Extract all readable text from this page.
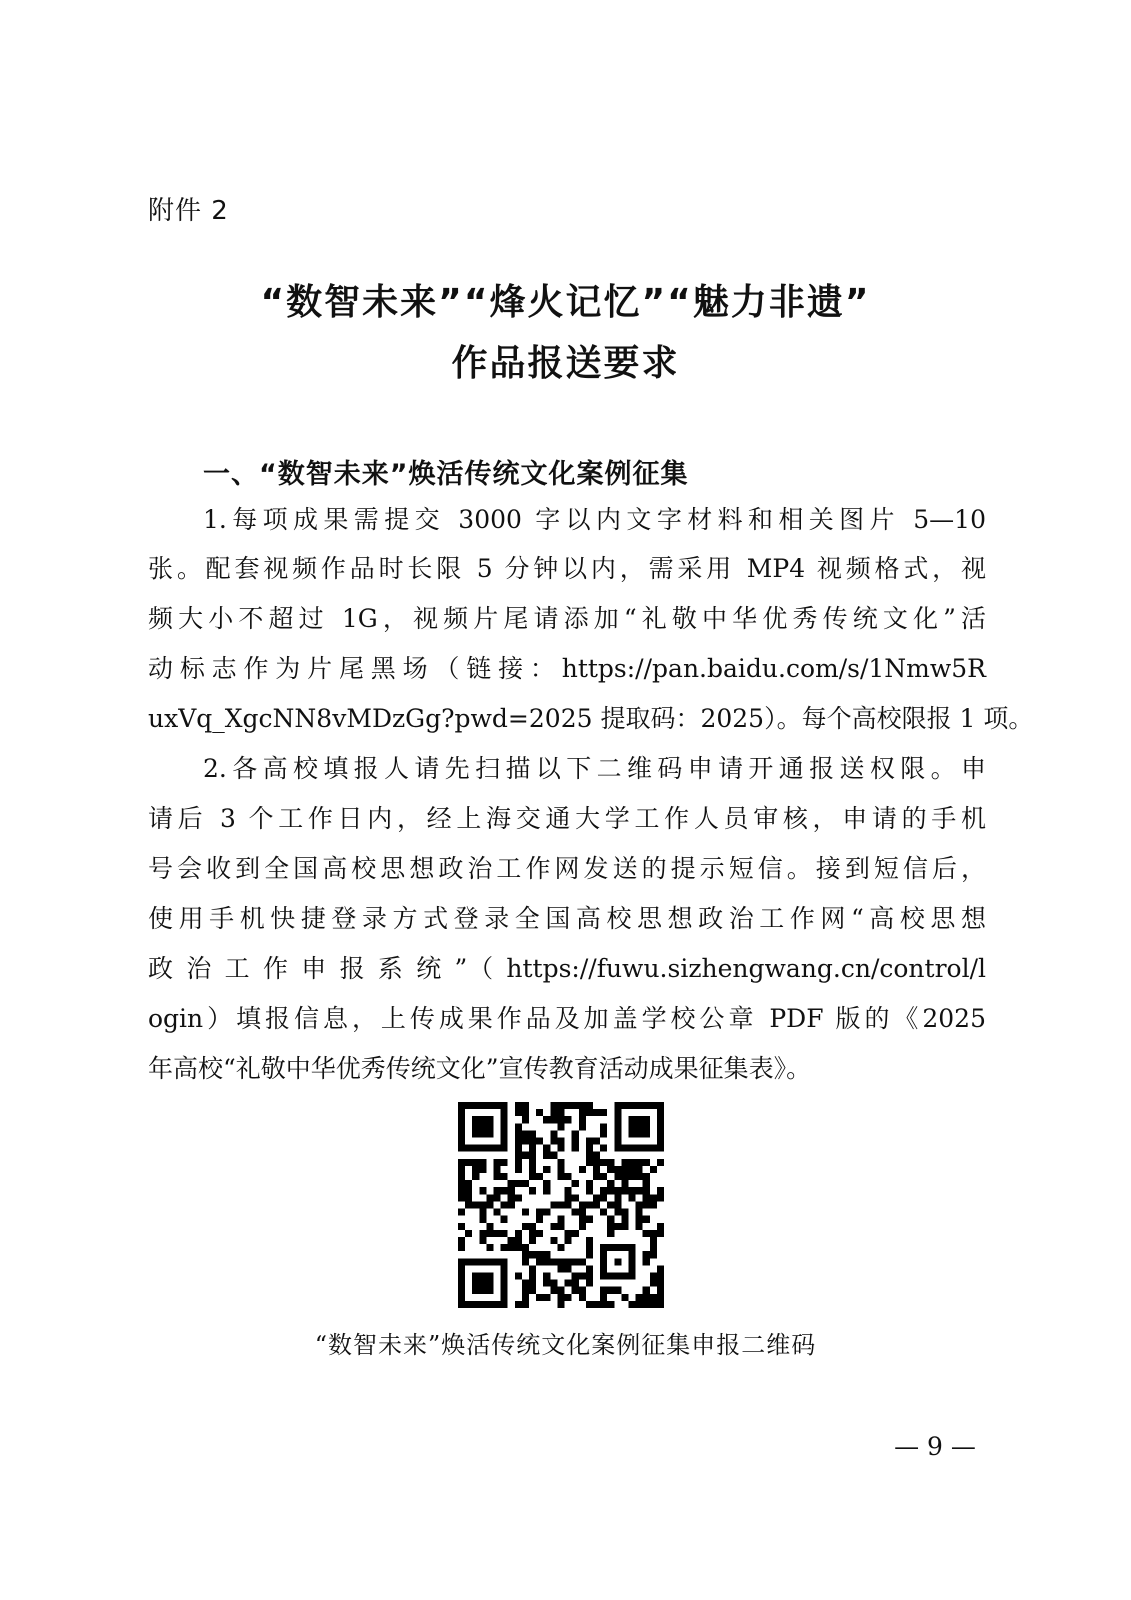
附件 2
“数智未来”“烽火记忆”“魅力非遗”
作品报送要求
一、“数智未来”焕活传统文化案例征集
1.每项成果需提交 3000 字以内文字材料和相关图片 5—10
张。配套视频作品时长限 5 分钟以内，需采用 MP4 视频格式，视
频大小不超过 1G，视频片尾请添加“礼敬中华优秀传统文化”活
动标志作为片尾黑场（链接：https://pan.baidu.com/s/1Nmw5R
uxVq_XgcNN8vMDzGg?pwd=2025 提取码：2025）。每个高校限报 1 项。
2.各高校填报人请先扫描以下二维码申请开通报送权限。申
请后 3 个工作日内，经上海交通大学工作人员审核，申请的手机
号会收到全国高校思想政治工作网发送的提示短信。接到短信后，
使用手机快捷登录方式登录全国高校思想政治工作网“高校思想
政治工作申报系统”（https://fuwu.sizhengwang.cn/control/l
ogin）填报信息，上传成果作品及加盖学校公章 PDF 版的《2025
年高校“礼敬中华优秀传统文化”宣传教育活动成果征集表》。
“数智未来”焕活传统文化案例征集申报二维码
— 9 —
